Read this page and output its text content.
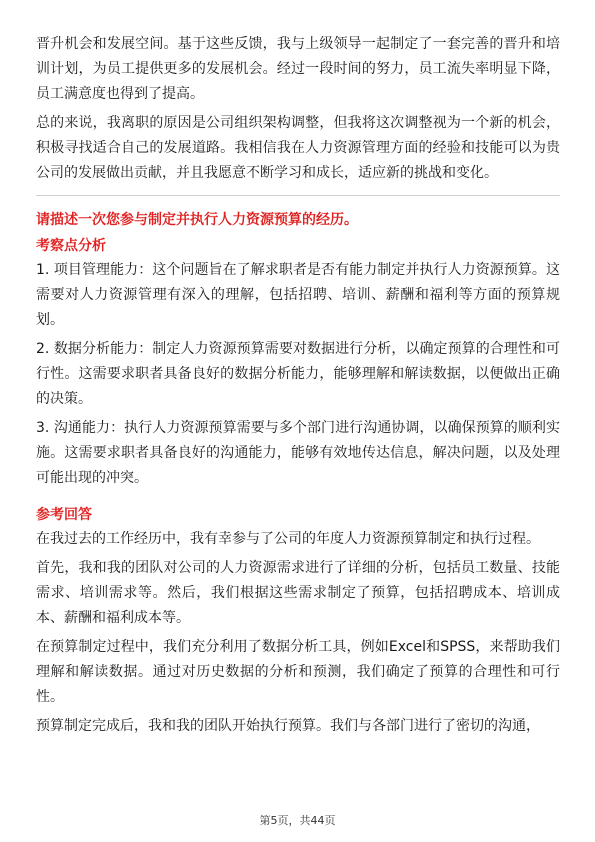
晋升机会和发展空间。基于这些反馈，我与上级领导一起制定了一套完善的晋升和培训计划，为员工提供更多的发展机会。经过一段时间的努力，员工流失率明显下降，员工满意度也得到了提高。

总的来说，我离职的原因是公司组织架构调整，但我将这次调整视为一个新的机会，积极寻找适合自己的发展道路。我相信我在人力资源管理方面的经验和技能可以为贵公司的发展做出贡献，并且我愿意不断学习和成长，适应新的挑战和变化。

请描述一次您参与制定并执行人力资源预算的经历。
考察点分析

1. 项目管理能力：这个问题旨在了解求职者是否有能力制定并执行人力资源预算。这需要对人力资源管理有深入的理解，包括招聘、培训、薪酬和福利等方面的预算规划。

2. 数据分析能力：制定人力资源预算需要对数据进行分析，以确定预算的合理性和可行性。这需要求职者具备良好的数据分析能力，能够理解和解读数据，以便做出正确的决策。

3. 沟通能力：执行人力资源预算需要与多个部门进行沟通协调，以确保预算的顺利实施。这需要求职者具备良好的沟通能力，能够有效地传达信息，解决问题，以及处理可能出现的冲突。

参考回答

在我过去的工作经历中，我有幸参与了公司的年度人力资源预算制定和执行过程。

首先，我和我的团队对公司的人力资源需求进行了详细的分析，包括员工数量、技能需求、培训需求等。然后，我们根据这些需求制定了预算，包括招聘成本、培训成本、薪酬和福利成本等。

在预算制定过程中，我们充分利用了数据分析工具，例如Excel和SPSS，来帮助我们理解和解读数据。通过对历史数据的分析和预测，我们确定了预算的合理性和可行性。

预算制定完成后，我和我的团队开始执行预算。我们与各部门进行了密切的沟通，

第5页，共44页
